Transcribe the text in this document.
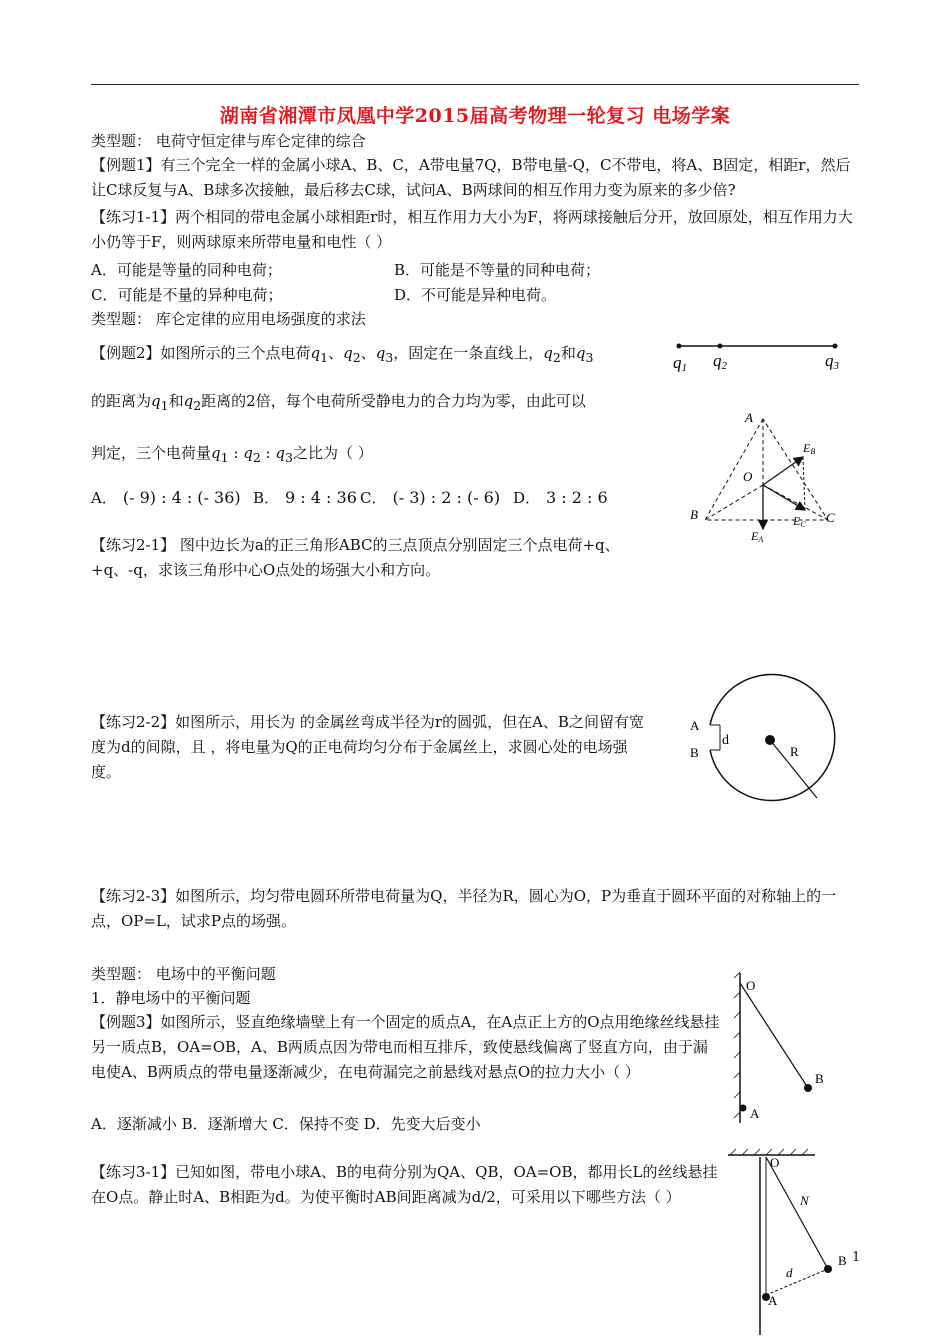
湖南省湘潭市凤凰中学2015届高考物理一轮复习 电场学案
类型题： 电荷守恒定律与库仑定律的综合
【例题1】有三个完全一样的金属小球A、B、C，A带电量7Q，B带电量-Q，C不带电，将A、B固定，相距r，然后让C球反复与A、B球多次接触，最后移去C球，试问A、B两球间的相互作用力变为原来的多少倍?
【练习1-1】两个相同的带电金属小球相距r时，相互作用力大小为F，将两球接触后分开，放回原处，相互作用力大小仍等于F，则两球原来所带电量和电性（ ）
A．可能是等量的同种电荷；	B．可能是不等量的同种电荷；
C．可能是不量的异种电荷；	D．不可能是异种电荷。
类型题： 库仑定律的应用电场强度的求法
【例题2】如图所示的三个点电荷$q_1$、$q_2$、$q_3$，固定在一条直线上，$q_2$和$q_3$
的距离为$q_1$和$q_2$距离的2倍，每个电荷所受静电力的合力均为零，由此可以
判定，三个电荷量$q_1$ : $q_2$ : $q_3$之比为（ ）
A． (- 9) : 4 : (- 36) B． 9 : 4 : 36 C． (- 3) : 2 : (- 6) D． 3 : 2 : 6
【练习2-1】 图中边长为a的正三角形ABC的三点顶点分别固定三个点电荷+q、+q、-q，求该三角形中心O点处的场强大小和方向。
【练习2-2】如图所示，用长为 的金属丝弯成半径为r的圆弧，但在A、B之间留有宽度为d的间隙，且 ，将电量为Q的正电荷均匀分布于金属丝上，求圆心处的电场强度。
【练习2-3】如图所示，均匀带电圆环所带电荷量为Q，半径为R，圆心为O，P为垂直于圆环平面的对称轴上的一点，OP=L，试求P点的场强。
类型题： 电场中的平衡问题
1．静电场中的平衡问题
【例题3】如图所示，竖直绝缘墙壁上有一个固定的质点A，在A点正上方的O点用绝缘丝线悬挂另一质点B，OA=OB，A、B两质点因为带电而相互排斥，致使悬线偏离了竖直方向，由于漏电使A、B两质点的带电量逐渐减少，在电荷漏完之前悬线对悬点O的拉力大小（ ）
A．逐渐减小 B．逐渐增大 C．保持不变 D．先变大后变小
【练习3-1】已知如图，带电小球A、B的电荷分别为QA、QB，OA=OB，都用长L的丝线悬挂在O点。静止时A、B相距为d。为使平衡时AB间距离减为d/2，可采用以下哪些方法（ ）
q1 q2	q3
A
B	C
O
EB
EA
EC
A
B
d
R
O
B
A
O
N
B
d
A
1
